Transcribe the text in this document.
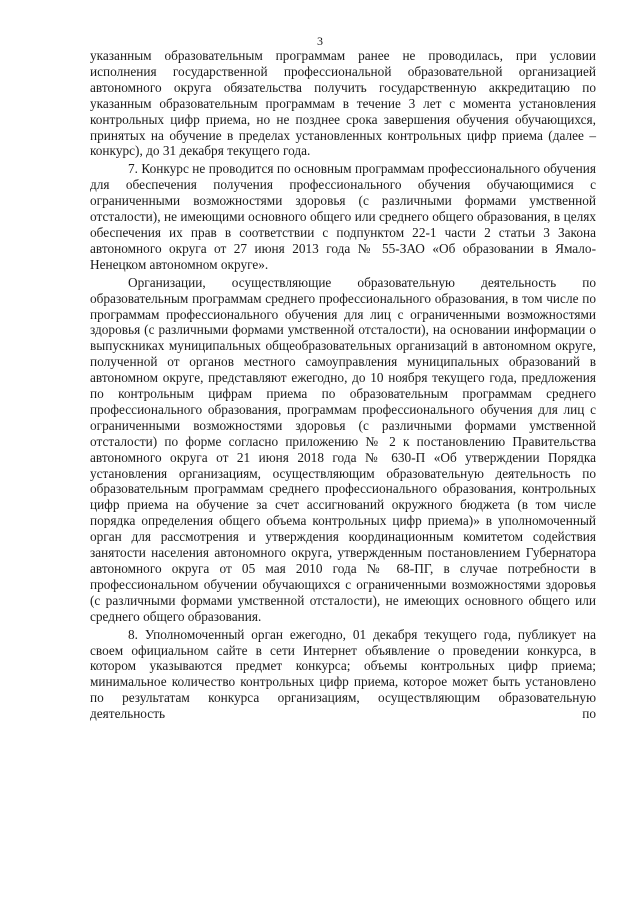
3

указанным образовательным программам ранее не проводилась, при условии исполнения государственной профессиональной образовательной организацией автономного округа обязательства получить государственную аккредитацию по указанным образовательным программам в течение 3 лет с момента установления контрольных цифр приема, но не позднее срока завершения обучения обучающихся, принятых на обучение в пределах установленных контрольных цифр приема (далее – конкурс), до 31 декабря текущего года.

7. Конкурс не проводится по основным программам профессионального обучения для обеспечения получения профессионального обучения обучающимися с ограниченными возможностями здоровья (с различными формами умственной отсталости), не имеющими основного общего или среднего общего образования, в целях обеспечения их прав в соответствии с подпунктом 22-1 части 2 статьи 3 Закона автономного округа от 27 июня 2013 года № 55-ЗАО «Об образовании в Ямало-Ненецком автономном округе».

Организации, осуществляющие образовательную деятельность по образовательным программам среднего профессионального образования, в том числе по программам профессионального обучения для лиц с ограниченными возможностями здоровья (с различными формами умственной отсталости), на основании информации о выпускниках муниципальных общеобразовательных организаций в автономном округе, полученной от органов местного самоуправления муниципальных образований в автономном округе, представляют ежегодно, до 10 ноября текущего года, предложения по контрольным цифрам приема по образовательным программам среднего профессионального образования, программам профессионального обучения для лиц с ограниченными возможностями здоровья (с различными формами умственной отсталости) по форме согласно приложению № 2 к постановлению Правительства автономного округа от 21 июня 2018 года № 630-П «Об утверждении Порядка установления организациям, осуществляющим образовательную деятельность по образовательным программам среднего профессионального образования, контрольных цифр приема на обучение за счет ассигнований окружного бюджета (в том числе порядка определения общего объема контрольных цифр приема)» в уполномоченный орган для рассмотрения и утверждения координационным комитетом содействия занятости населения автономного округа, утвержденным постановлением Губернатора автономного округа от 05 мая 2010 года № 68-ПГ, в случае потребности в профессиональном обучении обучающихся с ограниченными возможностями здоровья (с различными формами умственной отсталости), не имеющих основного общего или среднего общего образования.

8. Уполномоченный орган ежегодно, 01 декабря текущего года, публикует на своем официальном сайте в сети Интернет объявление о проведении конкурса, в котором указываются предмет конкурса; объемы контрольных цифр приема; минимальное количество контрольных цифр приема, которое может быть установлено по результатам конкурса организациям, осуществляющим образовательную деятельность по
